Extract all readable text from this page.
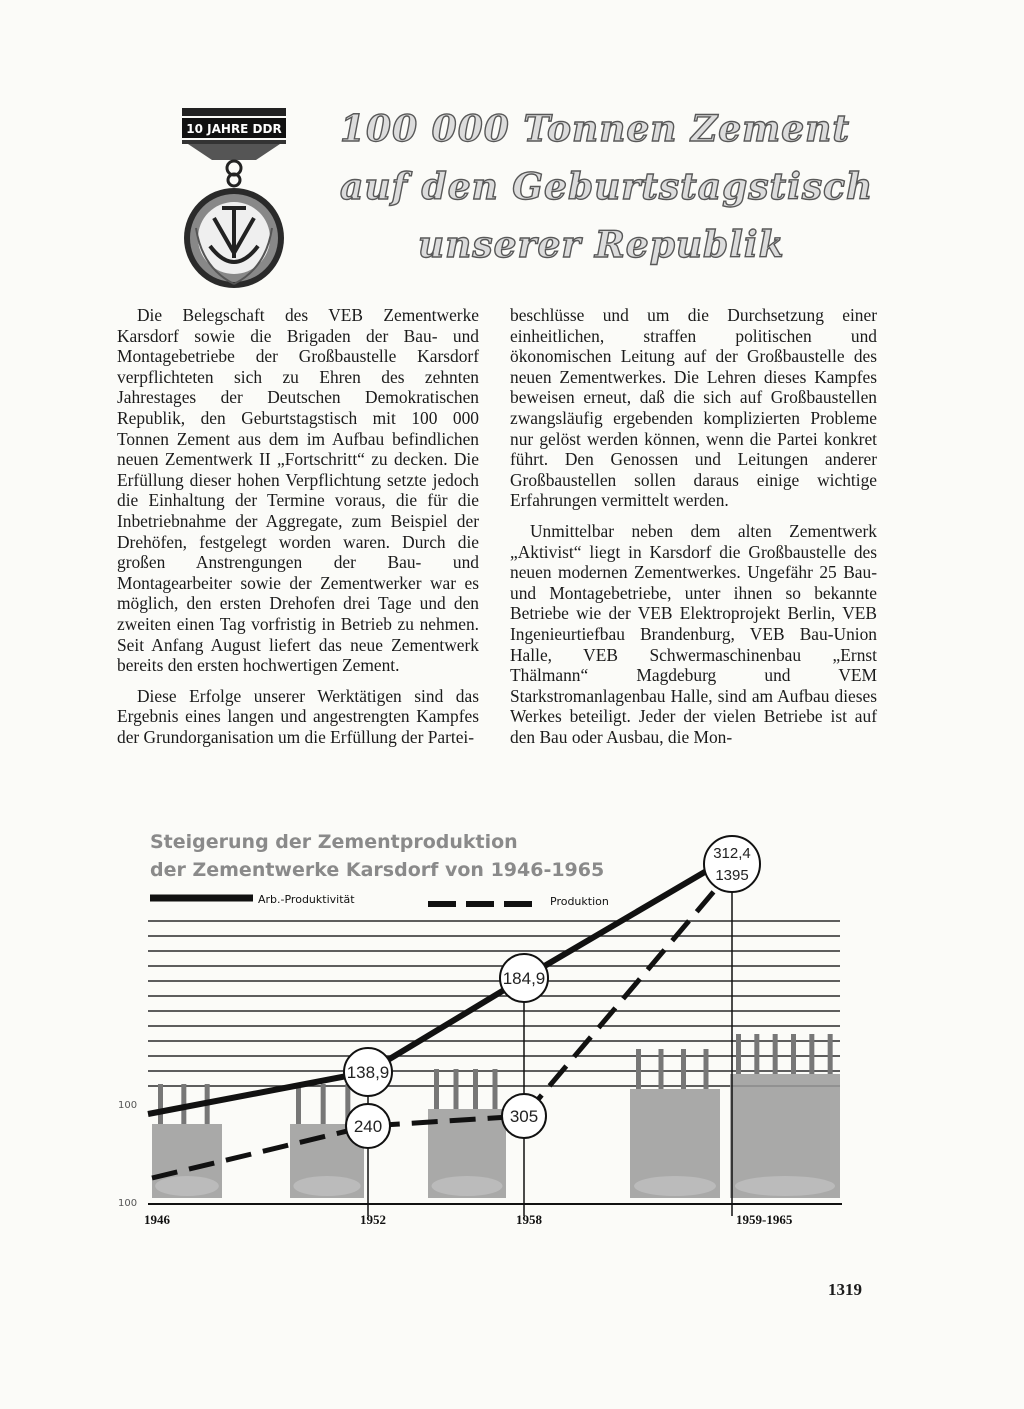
10 JAHRE DDR 100 000 Tonnen Zement
auf den Geburtstagstisch
unserer Republik

Die Belegschaft des VEB Zementwerke Karsdorf sowie die Brigaden der Bau- und Montagebetriebe der Großbaustelle Karsdorf verpflichteten sich zu Ehren des zehnten Jahrestages der Deutschen Demokratischen Republik, den Geburtstagstisch mit 100 000 Tonnen Zement aus dem im Aufbau befindlichen neuen Zementwerk II „Fortschritt“ zu decken. Die Erfüllung dieser hohen Verpflichtung setzte jedoch die Einhaltung der Termine voraus, die für die Inbetriebnahme der Aggregate, zum Beispiel der Drehöfen, festgelegt worden waren. Durch die großen Anstrengungen der Bau- und Montagearbeiter sowie der Zementwerker war es möglich, den ersten Drehofen drei Tage und den zweiten einen Tag vorfristig in Betrieb zu nehmen. Seit Anfang August liefert das neue Zementwerk bereits den ersten hochwertigen Zement.

Diese Erfolge unserer Werktätigen sind das Ergebnis eines langen und angestrengten Kampfes der Grundorganisation um die Erfüllung der Partei-

beschlüsse und um die Durchsetzung einer einheitlichen, straffen politischen und ökonomischen Leitung auf der Großbaustelle des neuen Zementwerkes. Die Lehren dieses Kampfes beweisen erneut, daß die sich auf Großbaustellen zwangsläufig ergebenden komplizierten Probleme nur gelöst werden können, wenn die Partei konkret führt. Den Genossen und Leitungen anderer Großbaustellen sollen daraus einige wichtige Erfahrungen vermittelt werden.

Unmittelbar neben dem alten Zementwerk „Aktivist“ liegt in Karsdorf die Großbaustelle des neuen modernen Zementwerkes. Ungefähr 25 Bau- und Montagebetriebe, unter ihnen so bekannte Betriebe wie der VEB Elektroprojekt Berlin, VEB Ingenieurtiefbau Brandenburg, VEB Bau-Union Halle, VEB Schwermaschinenbau „Ernst Thälmann“ Magdeburg und VEM Starkstromanlagenbau Halle, sind am Aufbau dieses Werkes beteiligt. Jeder der vielen Betriebe ist auf den Bau oder Ausbau, die Mon-

1946	1952	1958	1959-1965
Steigerung der Zementproduktion
der Zementwerke Karsdorf von 1946-1965
Arb.-Produktivität	Produktion
100
100
138,9
184,9
240
305
312,4
1395
1319
